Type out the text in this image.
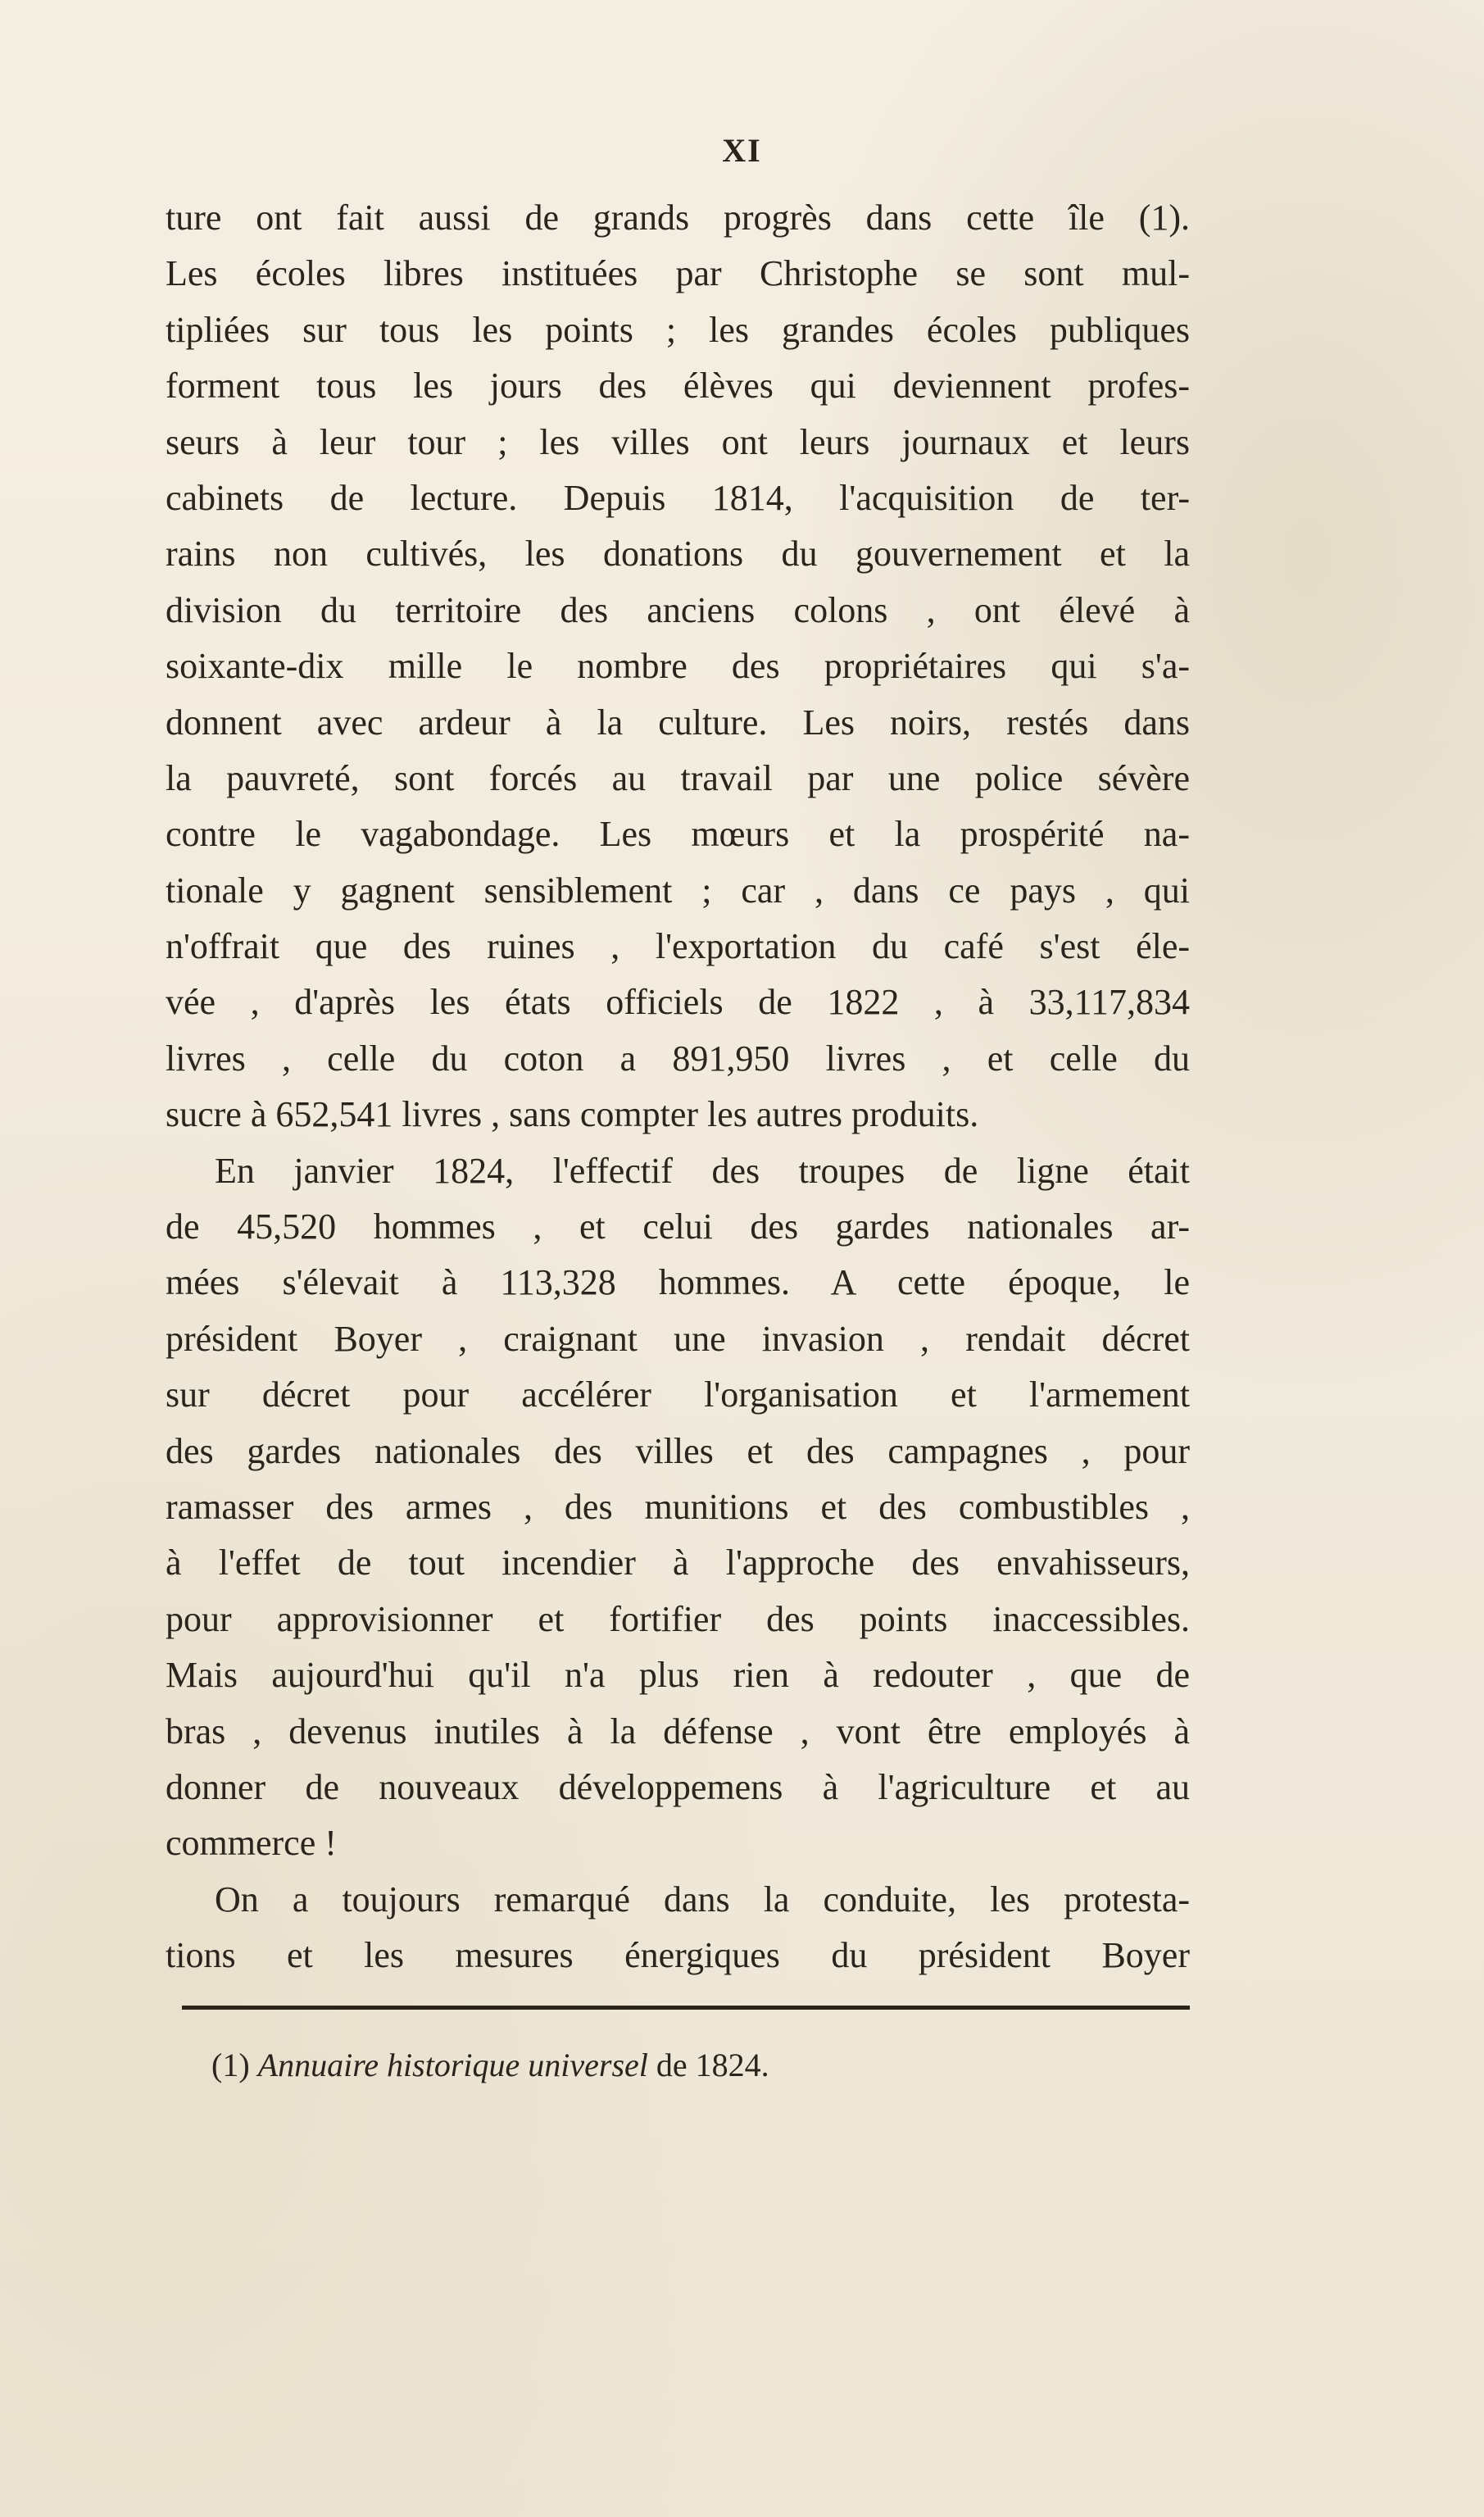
XI
ture ont fait aussi de grands progrès dans cette île (1).
Les écoles libres instituées par Christophe se sont mul-
tipliées sur tous les points ; les grandes écoles publiques
forment tous les jours des élèves qui deviennent profes-
seurs à leur tour ; les villes ont leurs journaux et leurs
cabinets de lecture. Depuis 1814, l'acquisition de ter-
rains non cultivés, les donations du gouvernement et la
division du territoire des anciens colons , ont élevé à
soixante-dix mille le nombre des propriétaires qui s'a-
donnent avec ardeur à la culture. Les noirs, restés dans
la pauvreté, sont forcés au travail par une police sévère
contre le vagabondage. Les mœurs et la prospérité na-
tionale y gagnent sensiblement ; car , dans ce pays , qui
n'offrait que des ruines , l'exportation du café s'est éle-
vée , d'après les états officiels de 1822 , à 33,117,834
livres , celle du coton a 891,950 livres , et celle du
sucre à 652,541 livres , sans compter les autres produits.
En janvier 1824, l'effectif des troupes de ligne était
de 45,520 hommes , et celui des gardes nationales ar-
mées s'élevait à 113,328 hommes. A cette époque, le
président Boyer , craignant une invasion , rendait décret
sur décret pour accélérer l'organisation et l'armement
des gardes nationales des villes et des campagnes , pour
ramasser des armes , des munitions et des combustibles ,
à l'effet de tout incendier à l'approche des envahisseurs,
pour approvisionner et fortifier des points inaccessibles.
Mais aujourd'hui qu'il n'a plus rien à redouter , que de
bras , devenus inutiles à la défense , vont être employés à
donner de nouveaux développemens à l'agriculture et au
commerce !
On a toujours remarqué dans la conduite, les protesta-
tions et les mesures énergiques du président Boyer
(1) Annuaire historique universel de 1824.
